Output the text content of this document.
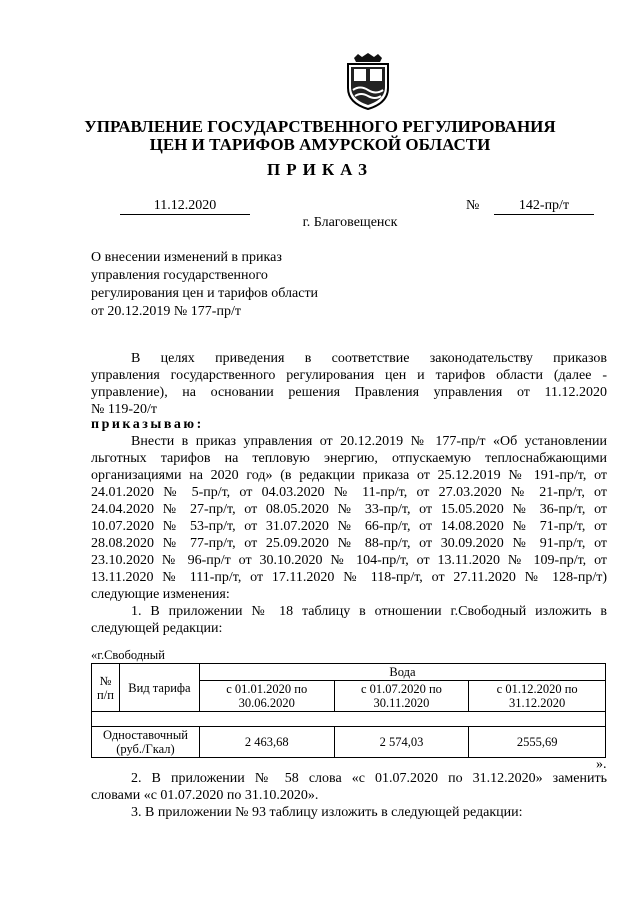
УПРАВЛЕНИЕ ГОСУДАРСТВЕННОГО РЕГУЛИРОВАНИЯ
ЦЕН И ТАРИФОВ АМУРСКОЙ ОБЛАСТИ
ПРИКАЗ
11.12.2020	№	142-пр/т
г. Благовещенск
О внесении изменений в приказ
управления государственного
регулирования цен и тарифов области
от 20.12.2019 № 177-пр/т
В целях приведения в соответствие законодательству приказов
управления государственного регулирования цен и тарифов области (далее -
управление), на основании решения Правления управления от 11.12.2020
№ 119-20/т
приказываю:
Внести в приказ управления от 20.12.2019 № 177-пр/т «Об установлении
льготных тарифов на тепловую энергию, отпускаемую теплоснабжающими
организациями на 2020 год» (в редакции приказа от 25.12.2019 № 191-пр/т, от
24.01.2020 № 5-пр/т, от 04.03.2020 № 11-пр/т, от 27.03.2020 № 21-пр/т, от
24.04.2020 № 27-пр/т, от 08.05.2020 № 33-пр/т, от 15.05.2020 № 36-пр/т, от
10.07.2020 № 53-пр/т, от 31.07.2020 № 66-пр/т, от 14.08.2020 № 71-пр/т, от
28.08.2020 № 77-пр/т, от 25.09.2020 № 88-пр/т, от 30.09.2020 № 91-пр/т, от
23.10.2020 № 96-пр/т от 30.10.2020 № 104-пр/т, от 13.11.2020 № 109-пр/т, от
13.11.2020 № 111-пр/т, от 17.11.2020 № 118-пр/т, от 27.11.2020 № 128-пр/т)
следующие изменения:
1. В приложении № 18 таблицу в отношении г.Свободный изложить в
следующей редакции:
«г.Свободный
№ п/п	Вид тарифа	Вода		
		с 01.01.2020 по 30.06.2020	с 01.07.2020 по 30.11.2020	с 01.12.2020 по 31.12.2020

Одноставочный (руб./Гкал)		2 463,68	2 574,03	2555,69
».
2. В приложении № 58 слова «с 01.07.2020 по 31.12.2020» заменить
словами «с 01.07.2020 по 31.10.2020».
3. В приложении № 93 таблицу изложить в следующей редакции:
